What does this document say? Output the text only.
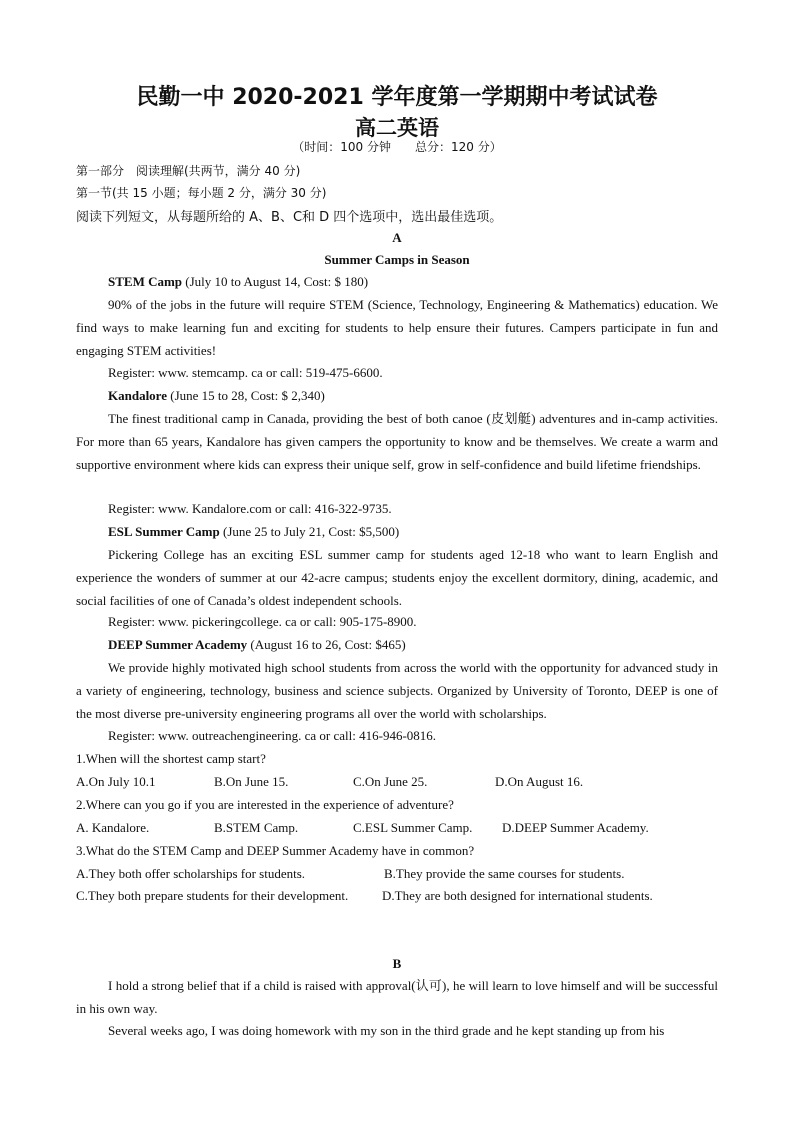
民勤一中 2020-2021 学年度第一学期期中考试试卷
高二英语
（时间：100 分钟　　总分：120 分）
第一部分　阅读理解(共两节，满分 40 分)
第一节(共 15 小题；每小题 2 分，满分 30 分)
阅读下列短文，从每题所给的 A、B、C和 D 四个选项中，选出最佳选项。
A
Summer Camps in Season
STEM Camp (July 10 to August 14, Cost: $ 180)
90% of the jobs in the future will require STEM (Science, Technology, Engineering & Mathematics) education. We find ways to make learning fun and exciting for students to help ensure their futures. Campers participate in fun and engaging STEM activities!
Register: www. stemcamp. ca or call: 519-475-6600.
Kandalore (June 15 to 28, Cost: $ 2,340)
The finest traditional camp in Canada, providing the best of both canoe (皮划艇) adventures and in-camp activities. For more than 65 years, Kandalore has given campers the opportunity to know and be themselves. We create a warm and supportive environment where kids can express their unique self, grow in self-confidence and build lifetime friendships.
Register: www. Kandalore.com or call: 416-322-9735.
ESL Summer Camp (June 25 to July 21, Cost: $5,500)
Pickering College has an exciting ESL summer camp for students aged 12-18 who want to learn English and experience the wonders of summer at our 42-acre campus; students enjoy the excellent dormitory, dining, academic, and social facilities of one of Canada’s oldest independent schools.
Register: www. pickeringcollege. ca or call: 905-175-8900.
DEEP Summer Academy (August 16 to 26, Cost: $465)
We provide highly motivated high school students from across the world with the opportunity for advanced study in a variety of engineering, technology, business and science subjects. Organized by University of Toronto, DEEP is one of the most diverse pre-university engineering programs all over the world with scholarships.
Register: www. outreachengineering. ca or call: 416-946-0816.
1.When will the shortest camp start?
A.On July 10.1	B.On June 15.	C.On June 25.	D.On August 16.
2.Where can you go if you are interested in the experience of adventure?
A. Kandalore.	B.STEM Camp.	C.ESL Summer Camp. D.DEEP Summer Academy.
3.What do the STEM Camp and DEEP Summer Academy have in common?
A.They both offer scholarships for students.	B.They provide the same courses for students.
C.They both prepare students for their development.	D.They are both designed for international students.
B
I hold a strong belief that if a child is raised with approval(认可), he will learn to love himself and will be successful in his own way.
Several weeks ago, I was doing homework with my son in the third grade and he kept standing up from his
